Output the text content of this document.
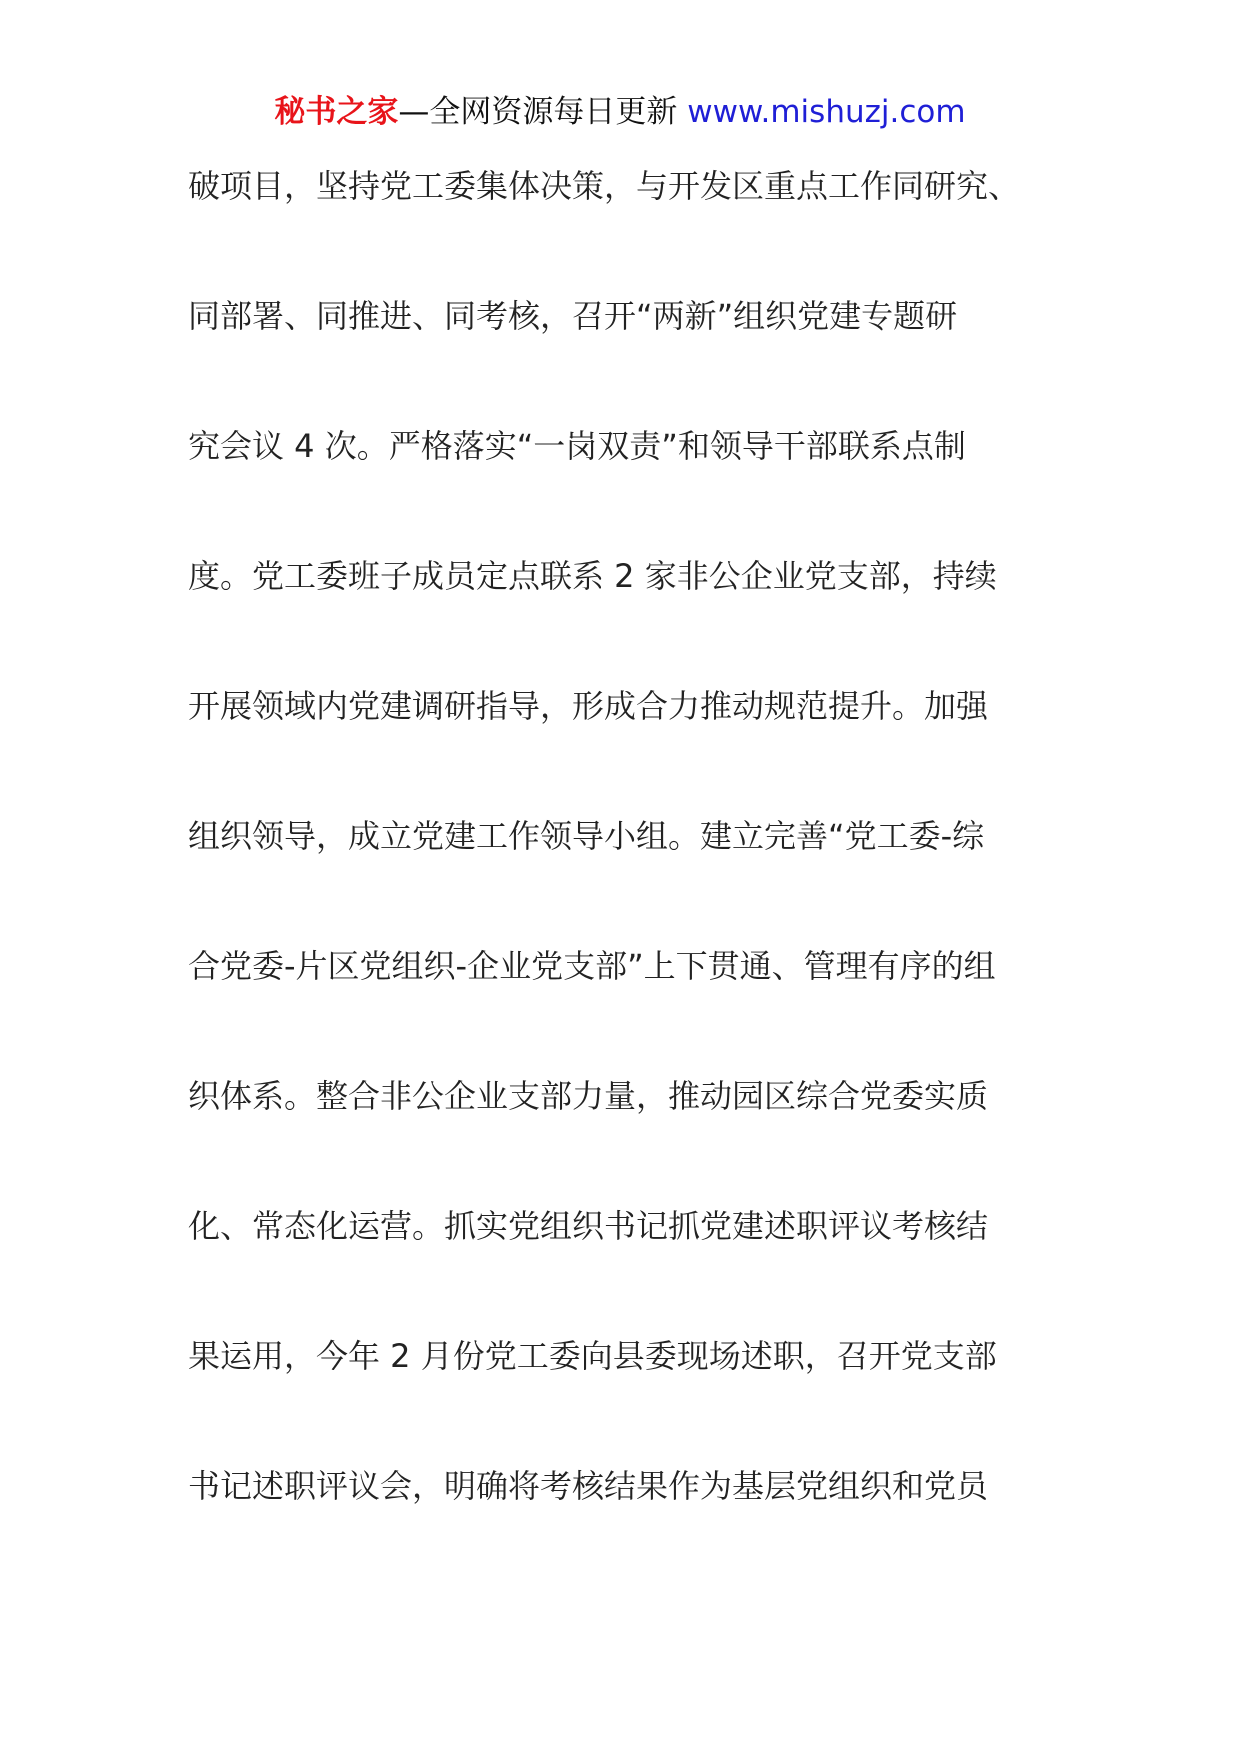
秘书之家—全网资源每日更新 www.mishuzj.com
破项目，坚持党工委集体决策，与开发区重点工作同研究、
同部署、同推进、同考核，召开“两新”组织党建专题研
究会议 4 次。严格落实“一岗双责”和领导干部联系点制
度。党工委班子成员定点联系 2 家非公企业党支部，持续
开展领域内党建调研指导，形成合力推动规范提升。加强
组织领导，成立党建工作领导小组。建立完善“党工委-综
合党委-片区党组织-企业党支部”上下贯通、管理有序的组
织体系。整合非公企业支部力量，推动园区综合党委实质
化、常态化运营。抓实党组织书记抓党建述职评议考核结
果运用，今年 2 月份党工委向县委现场述职，召开党支部
书记述职评议会，明确将考核结果作为基层党组织和党员
